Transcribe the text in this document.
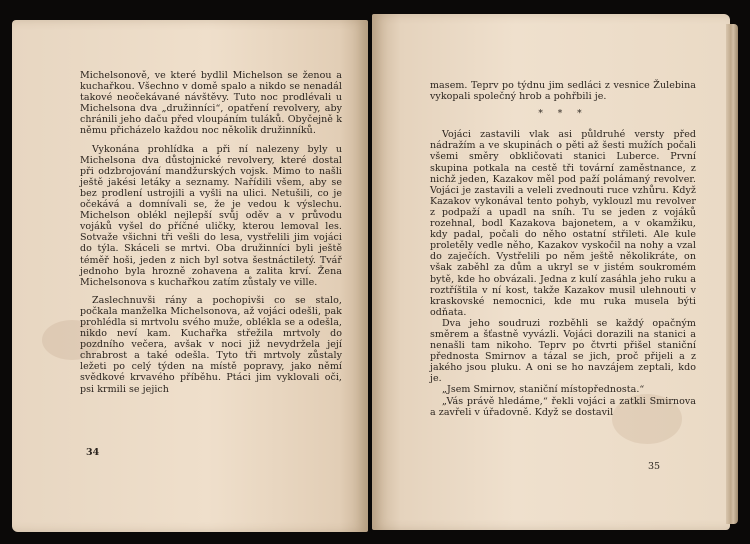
Michelsonově, ve které bydlil Michelson se ženou a kuchařkou. Všechno v domě spalo a nikdo se nenadál takové neočekávané návštěvy. Tuto noc prodlévali u Michelsona dva „družinníci“, opatření revolvery, aby chránili jeho daču před vloupáním tuláků. Obyčejně k němu přicházelo každou noc několik družinníků.

Vykonána prohlídka a při ní nalezeny byly u Michelsona dva důstojnické revolvery, které dostal při odzbrojování mandžurských vojsk. Mimo to našli ještě jakési letáky a seznamy. Nařídili všem, aby se bez prodlení ustrojili a vyšli na ulici. Netušili, co je očekává a domnívali se, že je vedou k výslechu. Michelson oblékl nejlepší svůj oděv a v průvodu vojáků vyšel do příčné uličky, kterou lemoval les. Sotvaže všichni tři vešli do lesa, vystřelili jim vojáci do týla. Skáceli se mrtvi. Oba družinníci byli ještě téměř hoši, jeden z nich byl sotva šestnáctiletý. Tvář jednoho byla hrozně zohavena a zalita krví. Žena Michelsonova s kuchařkou zatím zůstaly ve ville.

Zaslechnuvši rány a pochopivši co se stalo, počkala manželka Michelsonova, až vojáci odešli, pak prohlédla si mrtvolu svého muže, oblékla se a odešla, nikdo neví kam. Kuchařka střežila mrtvoly do pozdního večera, avšak v noci již nevydržela její chrabrost a také odešla. Tyto tři mrtvoly zůstaly ležeti po celý týden na místě popravy, jako němí svědkové krvavého příběhu. Ptáci jim vyklovali oči, psi krmili se jejich

34

masem. Teprv po týdnu jim sedláci z vesnice Žulebina vykopali společný hrob a pohřbili je.

* * *

Vojáci zastavili vlak asi půldruhé versty před nádražím a ve skupinách o pěti až šesti mužích počali všemi směry obkličovati stanici Luberce. První skupina potkala na cestě tři tovární zaměstnance, z nichž jeden, Kazakov měl pod paží polámaný revolver. Vojáci je zastavili a veleli zvednouti ruce vzhůru. Když Kazakov vykonával tento pohyb, vyklouzl mu revolver z podpaží a upadl na sníh. Tu se jeden z vojáků rozehnal, bodl Kazakova bajonetem, a v okamžiku, kdy padal, počali do něho ostatní střileti. Ale kule proletěly vedle něho, Kazakov vyskočil na nohy a vzal do zaječích. Vystřelili po něm ještě několikráte, on však zaběhl za dům a ukryl se v jistém soukromém bytě, kde ho obvázali. Jedna z kulí zasáhla jeho ruku a roztříštila v ní kost, takže Kazakov musil ulehnouti v kraskovské nemocnici, kde mu ruka musela býti odňata.

Dva jeho soudruzi rozběhli se každý opačným směrem a šťastně vyvázli. Vojáci dorazili na stanici a nenašli tam nikoho. Teprv po čtvrti přišel staniční přednosta Smirnov a tázal se jich, proč přijeli a z jakého jsou pluku. A oni se ho navzájem zeptali, kdo je.

„Jsem Smirnov, staniční místopřednosta.“

„Vás právě hledáme,“ řekli vojáci a zatkli Smirnova a zavřeli v úřadovně. Když se dostavil

35
